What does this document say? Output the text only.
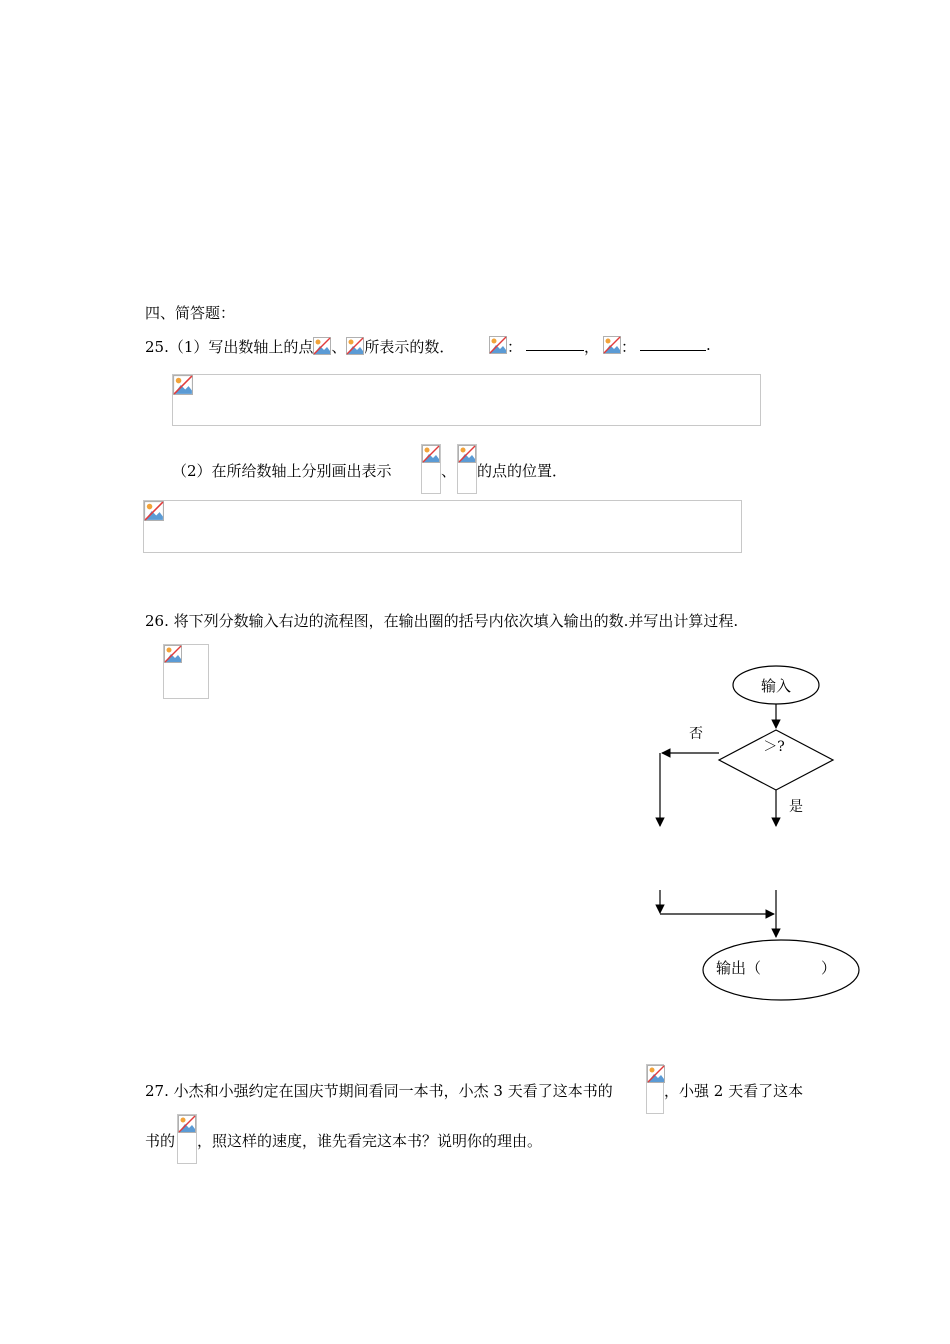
四、简答题：
25.（1）写出数轴上的点 、 所表示的数．	：	， ：	.
（2）在所给数轴上分别画出表示	、 的点的位置．
26. 将下列分数输入右边的流程图，在输出圈的括号内依次填入输出的数.并写出计算过程.
输入
＞?
否
是
输出（　　　　）
27. 小杰和小强约定在国庆节期间看同一本书，小杰 3 天看了这本书的	，小强 2 天看了这本
书的 ，照这样的速度，谁先看完这本书？说明你的理由。
